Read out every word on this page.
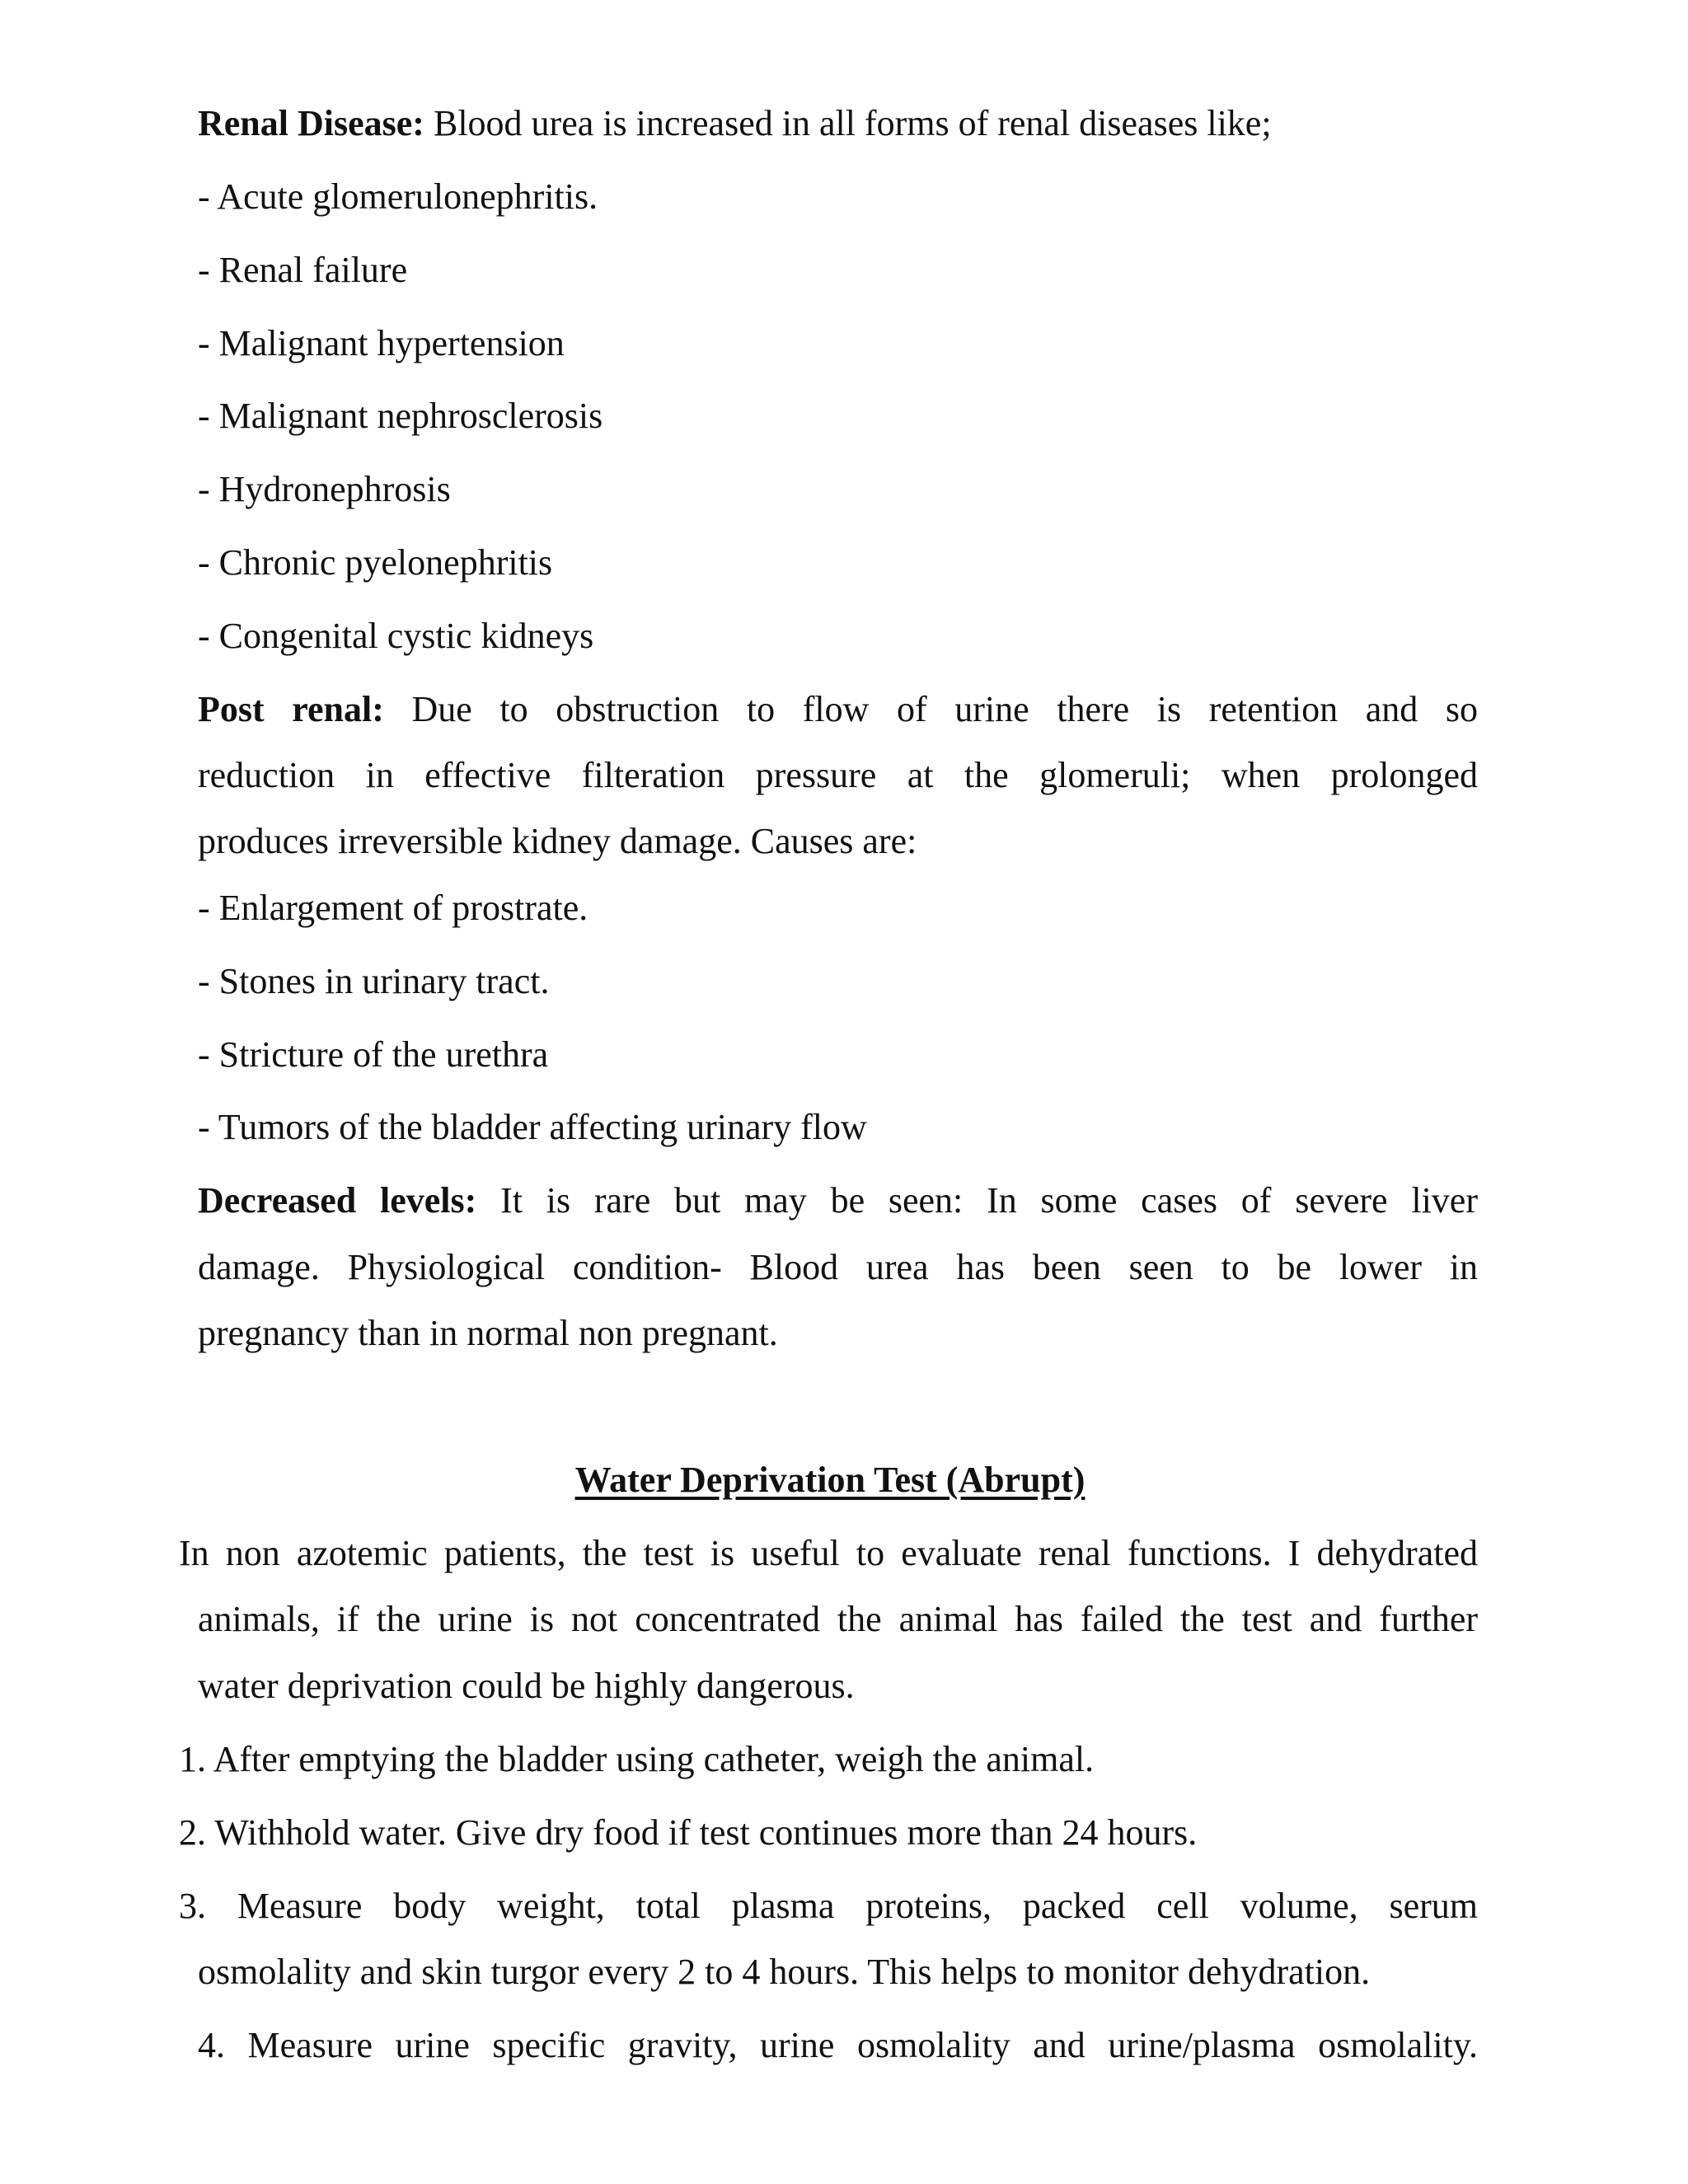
Renal Disease: Blood urea is increased in all forms of renal diseases like;
- Acute glomerulonephritis.
- Renal failure
- Malignant hypertension
- Malignant nephrosclerosis
- Hydronephrosis
- Chronic pyelonephritis
- Congenital cystic kidneys
Post renal: Due to obstruction to flow of urine there is retention and so
reduction in effective filteration pressure at the glomeruli; when prolonged
produces irreversible kidney damage. Causes are:
- Enlargement of prostrate.
- Stones in urinary tract.
- Stricture of the urethra
- Tumors of the bladder affecting urinary flow
Decreased levels: It is rare but may be seen: In some cases of severe liver
damage. Physiological condition- Blood urea has been seen to be lower in
pregnancy than in normal non pregnant.
Water Deprivation Test (Abrupt)
In non azotemic patients, the test is useful to evaluate renal functions. I dehydrated
animals, if the urine is not concentrated the animal has failed the test and further
water deprivation could be highly dangerous.
1. After emptying the bladder using catheter, weigh the animal.
2. Withhold water. Give dry food if test continues more than 24 hours.
3. Measure body weight, total plasma proteins, packed cell volume, serum
osmolality and skin turgor every 2 to 4 hours. This helps to monitor dehydration.
4. Measure urine specific gravity, urine osmolality and urine/plasma osmolality.
